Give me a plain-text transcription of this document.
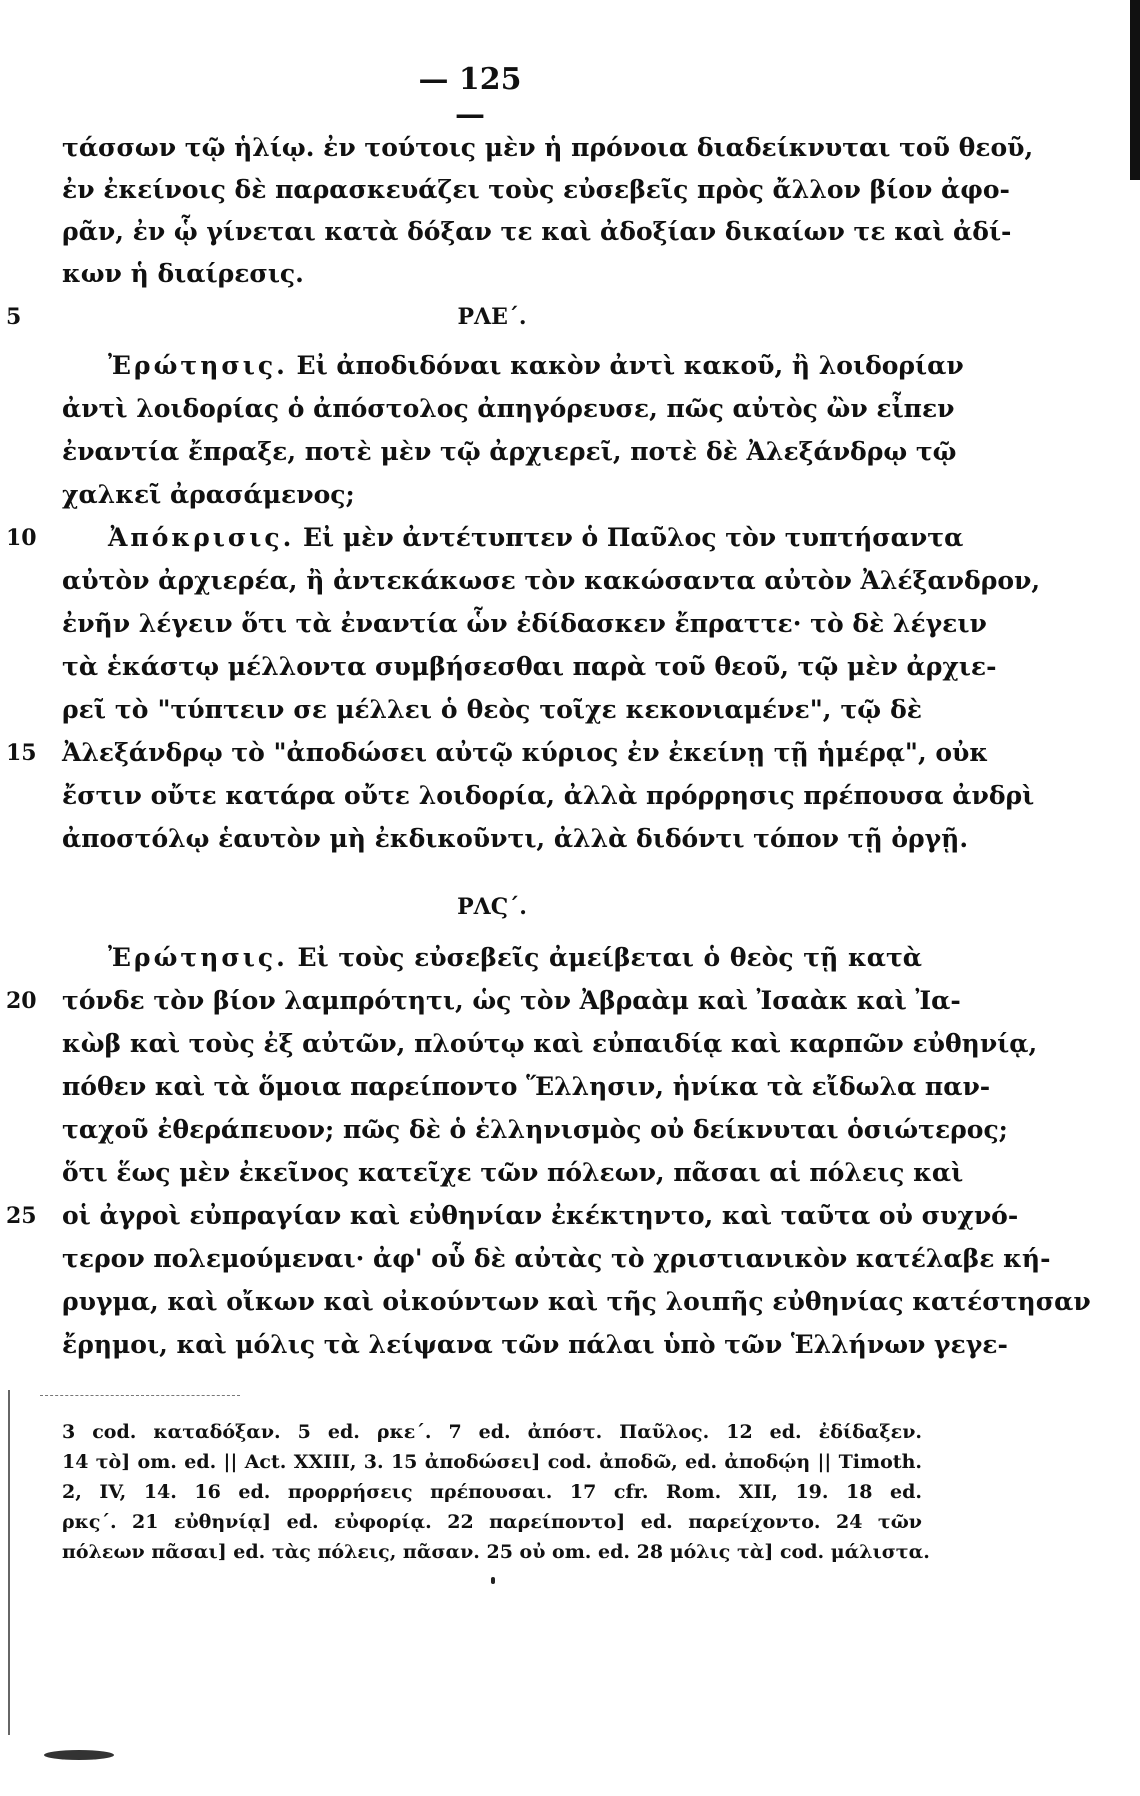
— 125 —
τάσσων τῷ ἡλίῳ. ἐν τούτοις μὲν ἡ πρόνοια διαδείκνυται τοῦ θεοῦ,
ἐν ἐκείνοις δὲ παρασκευάζει τοὺς εὐσεβεῖς πρὸς ἄλλον βίον ἀφο-
ρᾶν, ἐν ᾧ γίνεται κατὰ δόξαν τε καὶ ἀδοξίαν δικαίων τε καὶ ἀδί-
κων ἡ διαίρεσις.
5	ΡΛΕ΄.
Ἐρώτησις. Εἰ ἀποδιδόναι κακὸν ἀντὶ κακοῦ, ἢ λοιδορίαν
ἀντὶ λοιδορίας ὁ ἀπόστολος ἀπηγόρευσε, πῶς αὐτὸς ὢν εἶπεν
ἐναντία ἔπραξε, ποτὲ μὲν τῷ ἀρχιερεῖ, ποτὲ δὲ Ἀλεξάνδρῳ τῷ
χαλκεῖ ἀρασάμενος;
10	Ἀπόκρισις. Εἰ μὲν ἀντέτυπτεν ὁ Παῦλος τὸν τυπτήσαντα
αὐτὸν ἀρχιερέα, ἢ ἀντεκάκωσε τὸν κακώσαντα αὐτὸν Ἀλέξανδρον,
ἐνῆν λέγειν ὅτι τὰ ἐναντία ὧν ἐδίδασκεν ἔπραττε· τὸ δὲ λέγειν
τὰ ἑκάστῳ μέλλοντα συμβήσεσθαι παρὰ τοῦ θεοῦ, τῷ μὲν ἀρχιε-
ρεῖ τὸ "τύπτειν σε μέλλει ὁ θεὸς τοῖχε κεκονιαμένε", τῷ δὲ
15	Ἀλεξάνδρῳ τὸ "ἀποδώσει αὐτῷ κύριος ἐν ἐκείνῃ τῇ ἡμέρᾳ", οὐκ
ἔστιν οὔτε κατάρα οὔτε λοιδορία, ἀλλὰ πρόρρησις πρέπουσα ἀνδρὶ
ἀποστόλῳ ἑαυτὸν μὴ ἐκδικοῦντι, ἀλλὰ διδόντι τόπον τῇ ὀργῇ.
ΡΛϚ΄.
Ἐρώτησις. Εἰ τοὺς εὐσεβεῖς ἀμείβεται ὁ θεὸς τῇ κατὰ
20	τόνδε τὸν βίον λαμπρότητι, ὡς τὸν Ἀβραὰμ καὶ Ἰσαὰκ καὶ Ἰα-
κὼβ καὶ τοὺς ἐξ αὐτῶν, πλούτῳ καὶ εὐπαιδίᾳ καὶ καρπῶν εὐθηνίᾳ,
πόθεν καὶ τὰ ὅμοια παρείποντο Ἕλλησιν, ἡνίκα τὰ εἴδωλα παν-
ταχοῦ ἐθεράπευον; πῶς δὲ ὁ ἑλληνισμὸς οὐ δείκνυται ὁσιώτερος;
ὅτι ἕως μὲν ἐκεῖνος κατεῖχε τῶν πόλεων, πᾶσαι αἱ πόλεις καὶ
25	οἱ ἀγροὶ εὐπραγίαν καὶ εὐθηνίαν ἐκέκτηντο, καὶ ταῦτα οὐ συχνό-
τερον πολεμούμεναι· ἀφ' οὗ δὲ αὐτὰς τὸ χριστιανικὸν κατέλαβε κή-
ρυγμα, καὶ οἴκων καὶ οἰκούντων καὶ τῆς λοιπῆς εὐθηνίας κατέστησαν
ἔρημοι, καὶ μόλις τὰ λείψανα τῶν πάλαι ὑπὸ τῶν Ἑλλήνων γεγε-
3 cod. καταδόξαν. 5 ed. ρκε΄. 7 ed. ἀπόστ. Παῦλος. 12 ed. ἐδίδαξεν.
14 τὸ] om. ed. || Act. XXIII, 3. 15 ἀποδώσει] cod. ἀποδῶ, ed. ἀποδῴη || Timoth.
2, IV, 14. 16 ed. προρρήσεις πρέπουσαι. 17 cfr. Rom. XII, 19. 18 ed.
ρκς΄. 21 εὐθηνίᾳ] ed. εὐφορίᾳ. 22 παρείποντο] ed. παρείχοντο. 24 τῶν
πόλεων πᾶσαι] ed. τὰς πόλεις, πᾶσαν. 25 οὐ om. ed. 28 μόλις τὰ] cod. μάλιστα.
